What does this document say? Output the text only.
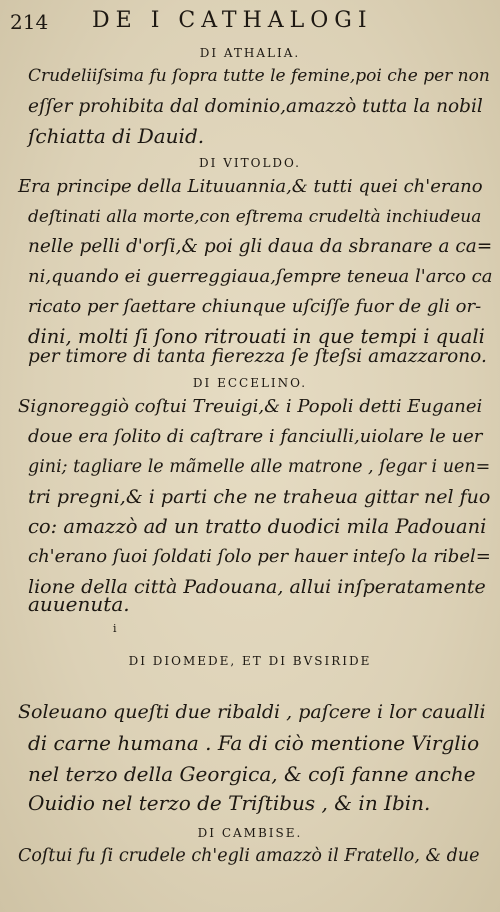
214 DE I CATHALOGI
DI ATHALIA.
Crudeliiſsima fu ſopra tutte le femine,poi che per non
eſſer prohibita dal dominio,amazzò tutta la nobil
ſchiatta di Dauid.
DI VITOLDO.
Era principe della Lituuannia,& tutti quei ch'erano
deſtinati alla morte,con eſtrema crudeltà inchiudeua
nelle pelli d'orſi,& poi gli daua da sbranare a ca=
ni,quando ei guerreggiaua,ſempre teneua l'arco ca
ricato per ſaettare chiunque uſciſſe fuor de gli or-
dini, molti ſi ſono ritrouati in que tempi i quali
per timore di tanta fierezza ſe ſteſsi amazzarono.
DI ECCELINO.
Signoreggiò coſtui Treuigi,& i Popoli detti Euganei
doue era ſolito di caſtrare i fanciulli,uiolare le uer
gini; tagliare le mãmelle alle matrone , ſegar i uen=
tri pregni,& i parti che ne traheua gittar nel fuo
co: amazzò ad un tratto duodici mila Padouani
ch'erano ſuoi ſoldati ſolo per hauer inteſo la ribel=
lione della città Padouana, allui inſperatamente
auuenuta.
i
DI DIOMEDE, ET DI BVSIRIDE
Soleuano queſti due ribaldi , paſcere i lor caualli
di carne humana . Fa di ciò mentione Virglio
nel terzo della Georgica, & coſi fanne anche
Ouidio nel terzo de Triſtibus , & in Ibin.
DI CAMBISE.
Coſtui fu ſi crudele ch'egli amazzò il Fratello, & due
